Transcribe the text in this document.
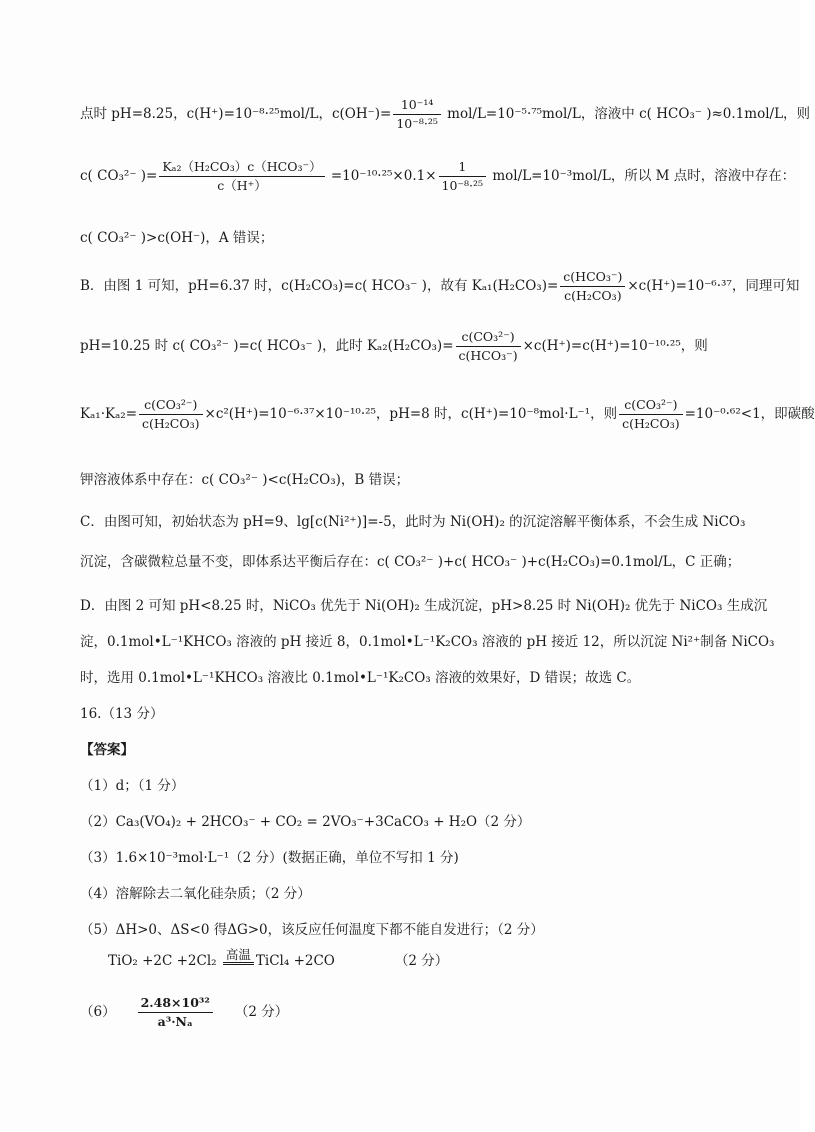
点时 pH=8.25，c(H⁺)=10⁻⁸·²⁵mol/L，$c(OH^-)= \frac{\text{10⁻¹⁴}}{\text{10⁻⁸·²⁵}} mol/L=10^{-5}\cdot^{75}mol/L$，溶液中 c( HCO₃⁻ )≈0.1mol/L，则
c( CO₃²⁻ )= $\frac{\text{Kₐ₂（H₂CO₃）c（HCO₃⁻）}}{c(H^+)} =10^{-10}\cdot^{25}\times 0.1\times \frac{1}{\text{10⁻⁸·²⁵}} mol/L=10^{-3}mol/L$，所以 M 点时，溶液中存在：
c( CO₃²⁻ )>c(OH⁻)，A 错误；
B．由图 1 可知，pH=6.37 时，c(H₂CO₃)=c( HCO₃⁻ )，故有 $K_{a1}(H_2CO_3)= \frac{\text{c(HCO₃⁻)}}{\text{c(H₂CO₃)}} \times c(H^+)=10^{-6}\cdot^{37}$，同理可知
pH=10.25 时 c( CO₃²⁻ )=c( HCO₃⁻ )，此时 $K_{a2}(H_2CO_3)= \frac{\text{c(CO₃²⁻)}}{\text{c(HCO₃⁻)}} \times c(H^+)=c(H^+)=10^{-10}\cdot^{25}$，则
$K_{a1}\cdot K_{a2}= \frac{\text{c(CO₃²⁻)}}{\text{c(H₂CO₃)}} \times c^2(H^+)=10^{-6}\cdot^{37}\times 10^{-10}\cdot^{25}$，pH=8 时，c(H⁺)=10⁻⁸mol·L⁻¹，则 $\frac{\text{c(CO₃²⁻)}}{\text{c(H₂CO₃)}} =10^{-0}\cdot^{62}<1$，即碳酸
钾溶液体系中存在：c( CO₃²⁻ )<c(H₂CO₃)，B 错误；
C．由图可知，初始状态为 pH=9、lg[c(Ni²⁺)]=-5，此时为 Ni(OH)₂ 的沉淀溶解平衡体系，不会生成 NiCO₃
沉淀，含碳微粒总量不变，即体系达平衡后存在：c( CO₃²⁻ )+c( HCO₃⁻ )+c(H₂CO₃)=0.1mol/L，C 正确；
D．由图 2 可知 pH<8.25 时，NiCO₃ 优先于 Ni(OH)₂ 生成沉淀，pH>8.25 时 Ni(OH)₂ 优先于 NiCO₃ 生成沉
淀，0.1mol•L⁻¹KHCO₃ 溶液的 pH 接近 8，0.1mol•L⁻¹K₂CO₃ 溶液的 pH 接近 12，所以沉淀 Ni²⁺制备 NiCO₃
时，选用 0.1mol•L⁻¹KHCO₃ 溶液比 0.1mol•L⁻¹K₂CO₃ 溶液的效果好，D 错误；故选 C。
16.（13 分）
【答案】
（1）d；（1 分）
（2）Ca₃(VO₄)₂ + 2HCO₃⁻ + CO₂ = 2VO₃⁻+3CaCO₃ + H₂O（2 分）
（3）1.6×10⁻³mol·L⁻¹（2 分）(数据正确，单位不写扣 1 分)
（4）溶解除去二氧化硅杂质；（2 分）
（5）ΔH>0、ΔS<0 得ΔG>0，该反应任何温度下都不能自发进行；（2 分）
TiO₂ +2C +2Cl₂ 高温 TiCl₄ +2CO	（2 分）
$(6) \frac{\text{2.48×10³²}}{\text{a³·Nₐ}} (2$ 分）
